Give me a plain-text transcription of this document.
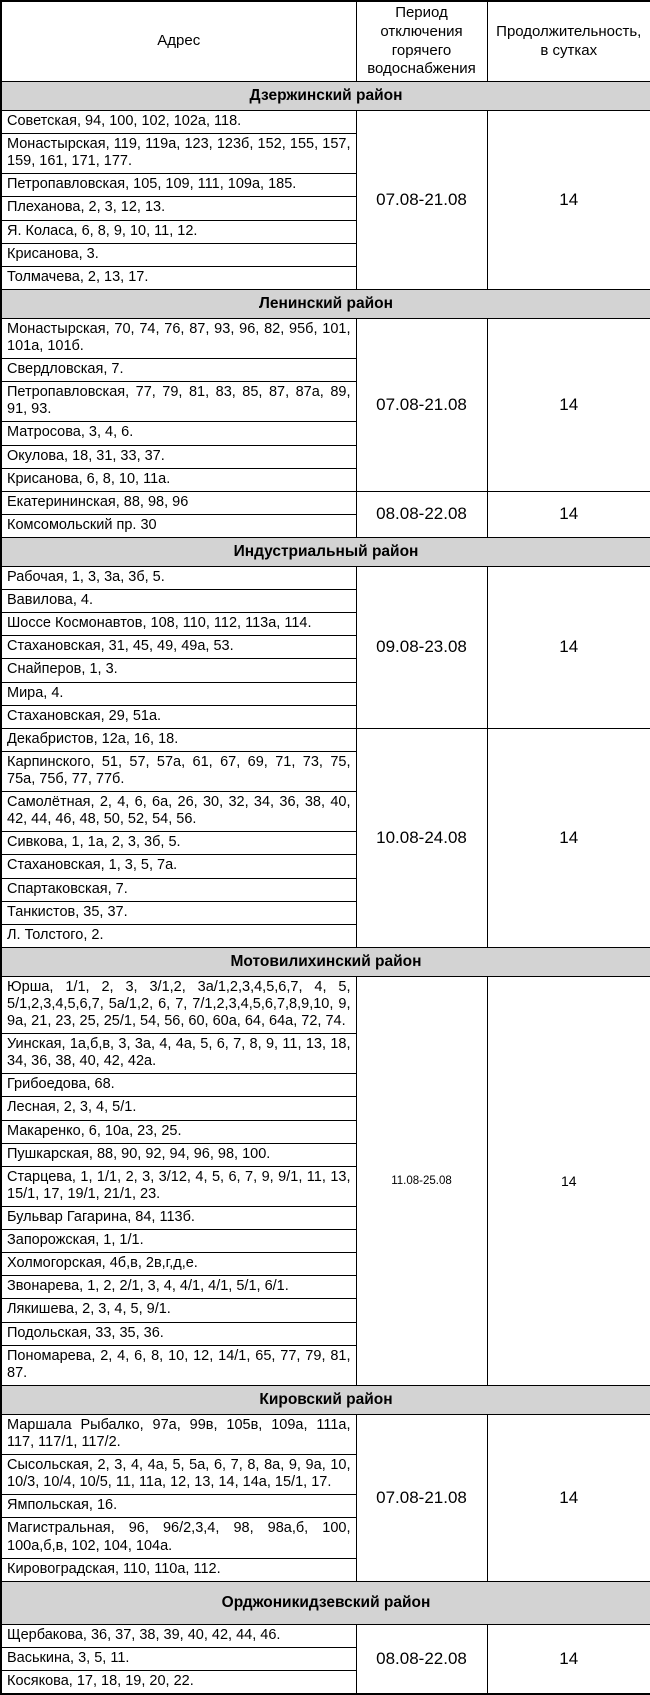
Адрес	Период отключения горячего водоснабжения	Продолжительность, в сутках
Дзержинский район		
Советская, 94, 100, 102, 102а, 118.	07.08-21.08	14
Монастырская, 119, 119а, 123, 123б, 152, 155, 157, 159, 161, 171, 177.		
Петропавловская, 105, 109, 111, 109а, 185.		
Плеханова, 2, 3, 12, 13.		
Я. Коласа, 6, 8, 9, 10, 11, 12.		
Крисанова, 3.		
Толмачева, 2, 13, 17.		
Ленинский район		
Монастырская, 70, 74, 76, 87, 93, 96, 82, 95б, 101, 101а, 101б.	07.08-21.08	14
Свердловская, 7.		
Петропавловская, 77, 79, 81, 83, 85, 87, 87а, 89, 91, 93.		
Матросова, 3, 4, 6.		
Окулова, 18, 31, 33, 37.		
Крисанова, 6, 8, 10, 11а.		
Екатерининская, 88, 98, 96	08.08-22.08	14
Комсомольский пр. 30		
Индустриальный район		
Рабочая, 1, 3, 3а, 3б, 5.	09.08-23.08	14
Вавилова, 4.		
Шоссе Космонавтов, 108, 110, 112, 113а, 114.		
Стахановская, 31, 45, 49, 49а, 53.		
Снайперов, 1, 3.		
Мира, 4.		
Стахановская, 29, 51а.		
Декабристов, 12а, 16, 18.	10.08-24.08	14
Карпинского, 51, 57, 57а, 61, 67, 69, 71, 73, 75, 75а, 75б, 77, 77б.		
Самолётная, 2, 4, 6, 6а, 26, 30, 32, 34, 36, 38, 40, 42, 44, 46, 48, 50, 52, 54, 56.		
Сивкова, 1, 1а, 2, 3, 3б, 5.		
Стахановская, 1, 3, 5, 7а.		
Спартаковская, 7.		
Танкистов, 35, 37.		
Л. Толстого, 2.		
Мотовилихинский район		
Юрша, 1/1, 2, 3, 3/1,2, 3а/1,2,3,4,5,6,7, 4, 5, 5/1,2,3,4,5,6,7, 5а/1,2, 6, 7, 7/1,2,3,4,5,6,7,8,9,10, 9, 9а, 21, 23, 25, 25/1, 54, 56, 60, 60а, 64, 64а, 72, 74.	11.08-25.08	14
Уинская, 1а,б,в, 3, 3а, 4, 4а, 5, 6, 7, 8, 9, 11, 13, 18, 34, 36, 38, 40, 42, 42а.		
Грибоедова, 68.		
Лесная, 2, 3, 4, 5/1.		
Макаренко, 6, 10а, 23, 25.		
Пушкарская, 88, 90, 92, 94, 96, 98, 100.		
Старцева, 1, 1/1, 2, 3, 3/12, 4, 5, 6, 7, 9, 9/1, 11, 13, 15/1, 17, 19/1, 21/1, 23.		
Бульвар Гагарина, 84, 113б.		
Запорожская, 1, 1/1.		
Холмогорская, 4б,в, 2в,г,д,е.		
Звонарева, 1, 2, 2/1, 3, 4, 4/1, 4/1, 5/1, 6/1.		
Лякишева, 2, 3, 4, 5, 9/1.		
Подольская, 33, 35, 36.		
Пономарева, 2, 4, 6, 8, 10, 12, 14/1, 65, 77, 79, 81, 87.		
Кировский район		
Маршала Рыбалко, 97а, 99в, 105в, 109а, 111а, 117, 117/1, 117/2.	07.08-21.08	14
Сысольская, 2, 3, 4, 4а, 5, 5а, 6, 7, 8, 8а, 9, 9а, 10, 10/3, 10/4, 10/5, 11, 11а, 12, 13, 14, 14а, 15/1, 17.		
Ямпольская, 16.		
Магистральная, 96, 96/2,3,4, 98, 98а,б, 100, 100а,б,в, 102, 104, 104а.		
Кировоградская, 110, 110а, 112.		
Орджоникидзевский район		
Щербакова, 36, 37, 38, 39, 40, 42, 44, 46.	08.08-22.08	14
Васькина, 3, 5, 11.		
Косякова, 17, 18, 19, 20, 22.		
